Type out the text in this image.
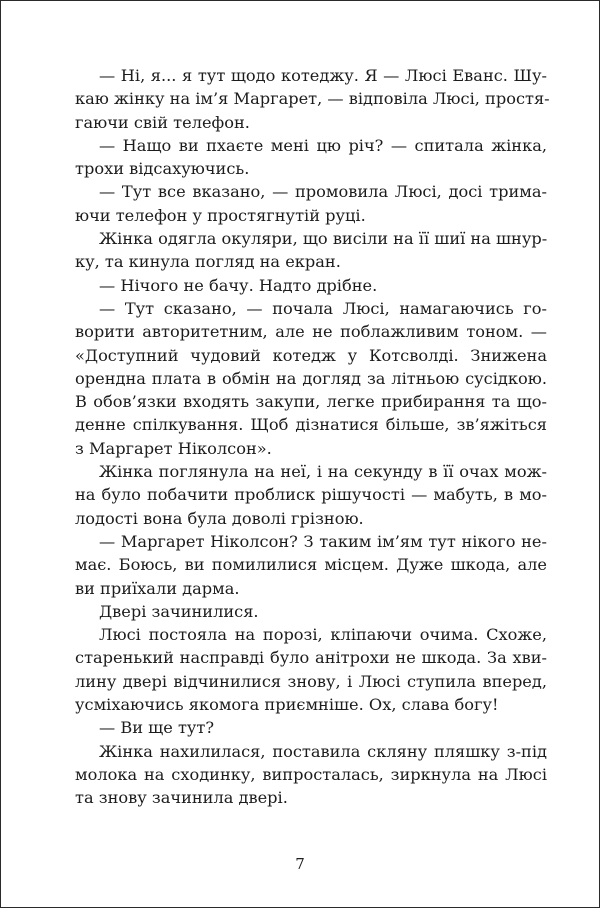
— Ні, я... я тут щодо котеджу. Я — Люсі Еванс. Шу-
каю жінку на ім’я Маргарет, — відповіла Люсі, простя-
гаючи свій телефон.
— Нащо ви пхаєте мені цю річ? — спитала жінка,
трохи відсахуючись.
— Тут все вказано, — промовила Люсі, досі трима-
ючи телефон у простягнутій руці.
Жінка одягла окуляри, що висіли на її шиї на шнур-
ку, та кинула погляд на екран.
— Нічого не бачу. Надто дрібне.
— Тут сказано, — почала Люсі, намагаючись го-
ворити авторитетним, але не поблажливим тоном. —
«Доступний чудовий котедж у Котсволді. Знижена
орендна плата в обмін на догляд за літньою сусідкою.
В обов’язки входять закупи, легке прибирання та що-
денне спілкування. Щоб дізнатися більше, зв’яжіться
з Маргарет Ніколсон».
Жінка поглянула на неї, і на секунду в її очах мож-
на було побачити проблиск рішучості — мабуть, в мо-
лодості вона була доволі грізною.
— Маргарет Ніколсон? З таким ім’ям тут нікого не-
має. Боюсь, ви помилилися місцем. Дуже шкода, але
ви приїхали дарма.
Двері зачинилися.
Люсі постояла на порозі, кліпаючи очима. Схоже,
старенький насправді було анітрохи не шкода. За хви-
лину двері відчинилися знову, і Люсі ступила вперед,
усміхаючись якомога приємніше. Ох, слава богу!
— Ви ще тут?
Жінка нахилилася, поставила скляну пляшку з-під
молока на сходинку, випросталась, зиркнула на Люсі
та знову зачинила двері.
7
